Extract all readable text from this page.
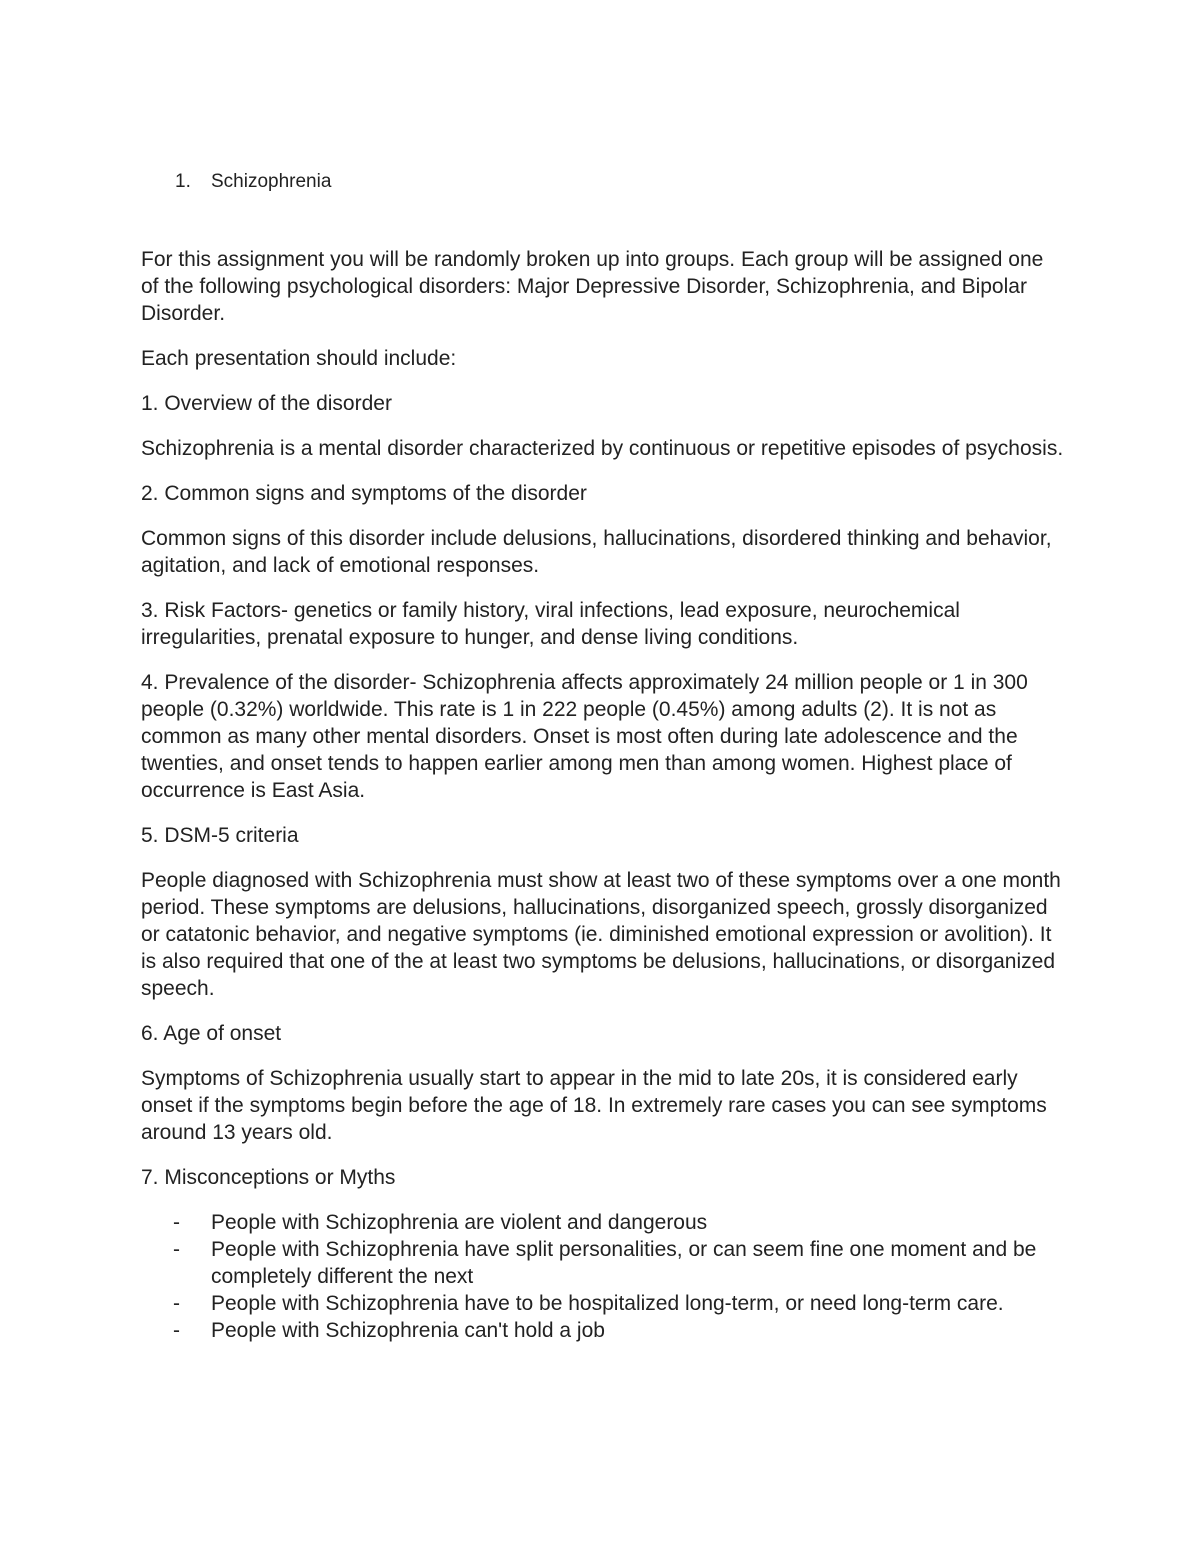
1.	Schizophrenia

For this assignment you will be randomly broken up into groups. Each group will be assigned one of the following psychological disorders: Major Depressive Disorder, Schizophrenia, and Bipolar Disorder.

Each presentation should include:

1. Overview of the disorder

Schizophrenia is a mental disorder characterized by continuous or repetitive episodes of psychosis.

2. Common signs and symptoms of the disorder

Common signs of this disorder include delusions, hallucinations, disordered thinking and behavior, agitation, and lack of emotional responses.

3. Risk Factors- genetics or family history, viral infections, lead exposure, neurochemical irregularities, prenatal exposure to hunger, and dense living conditions.

4. Prevalence of the disorder- Schizophrenia affects approximately 24 million people or 1 in 300 people (0.32%) worldwide. This rate is 1 in 222 people (0.45%) among adults (2). It is not as common as many other mental disorders. Onset is most often during late adolescence and the twenties, and onset tends to happen earlier among men than among women. Highest place of occurrence is East Asia.

5. DSM-5 criteria

People diagnosed with Schizophrenia must show at least two of these symptoms over a one month period. These symptoms are delusions, hallucinations, disorganized speech, grossly disorganized or catatonic behavior, and negative symptoms (ie. diminished emotional expression or avolition). It is also required that one of the at least two symptoms be delusions, hallucinations, or disorganized speech.

6. Age of onset

Symptoms of Schizophrenia usually start to appear in the mid to late 20s, it is considered early onset if the symptoms begin before the age of 18. In extremely rare cases you can see symptoms around 13 years old.

7. Misconceptions or Myths

- People with Schizophrenia are violent and dangerous
- People with Schizophrenia have split personalities, or can seem fine one moment and be completely different the next
- People with Schizophrenia have to be hospitalized long-term, or need long-term care.
- People with Schizophrenia can't hold a job
